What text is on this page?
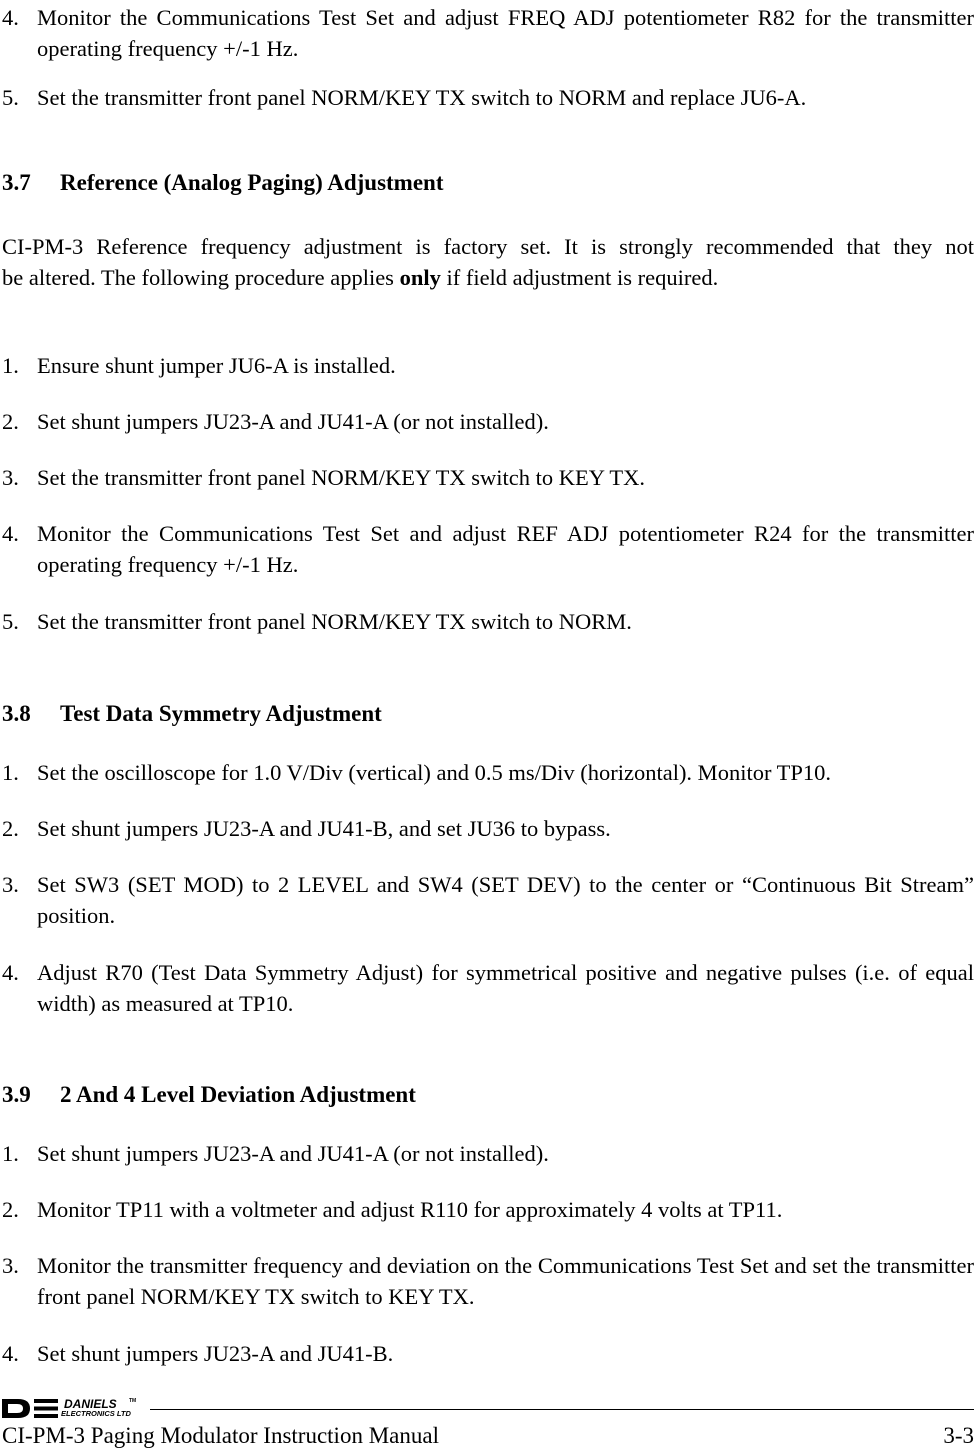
4. Monitor the Communications Test Set and adjust FREQ ADJ potentiometer R82 for the transmitter operating frequency +/-1 Hz.
5. Set the transmitter front panel NORM/KEY TX switch to NORM and replace JU6-A.
3.7 Reference (Analog Paging) Adjustment
CI-PM-3 Reference frequency adjustment is factory set. It is strongly recommended that they not
be altered. The following procedure applies only if field adjustment is required.
1. Ensure shunt jumper JU6-A is installed.
2. Set shunt jumpers JU23-A and JU41-A (or not installed).
3. Set the transmitter front panel NORM/KEY TX switch to KEY TX.
4. Monitor the Communications Test Set and adjust REF ADJ potentiometer R24 for the transmitter operating frequency +/-1 Hz.
5. Set the transmitter front panel NORM/KEY TX switch to NORM.
3.8 Test Data Symmetry Adjustment
1. Set the oscilloscope for 1.0 V/Div (vertical) and 0.5 ms/Div (horizontal). Monitor TP10.
2. Set shunt jumpers JU23-A and JU41-B, and set JU36 to bypass.
3. Set SW3 (SET MOD) to 2 LEVEL and SW4 (SET DEV) to the center or “Continuous Bit Stream” position.
4. Adjust R70 (Test Data Symmetry Adjust) for symmetrical positive and negative pulses (i.e. of equal width) as measured at TP10.
3.9 2 And 4 Level Deviation Adjustment
1. Set shunt jumpers JU23-A and JU41-A (or not installed).
2. Monitor TP11 with a voltmeter and adjust R110 for approximately 4 volts at TP11.
3. Monitor the transmitter frequency and deviation on the Communications Test Set and set the transmitter front panel NORM/KEY TX switch to KEY TX.
4. Set shunt jumpers JU23-A and JU41-B.
DANIELS TM
ELECTRONICS LTD
CI-PM-3 Paging Modulator Instruction Manual	3-3
